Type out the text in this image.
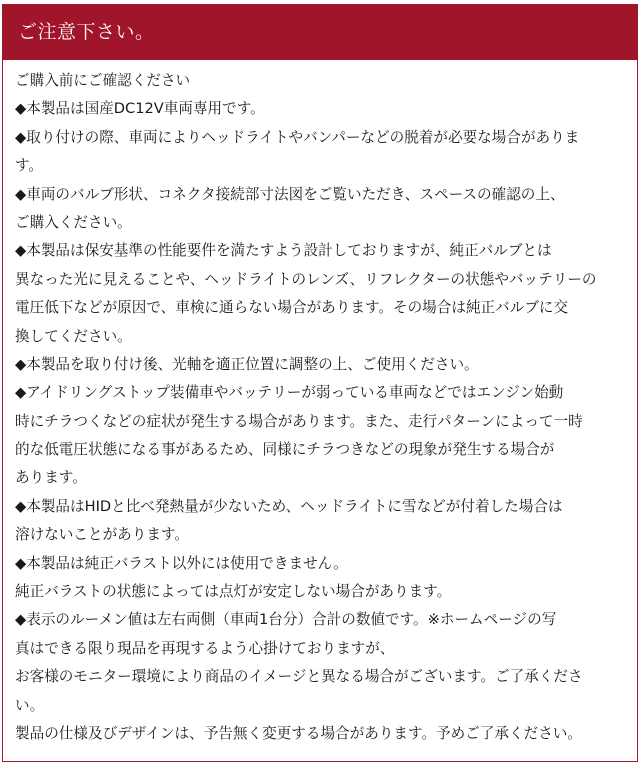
ご注意下さい。
ご購入前にご確認ください
◆本製品は国産DC12V車両専用です。
◆取り付けの際、車両によりヘッドライトやバンパーなどの脱着が必要な場合がありま
す。
◆車両のバルブ形状、コネクタ接続部寸法図をご覧いただき、スペースの確認の上、
ご購入ください。
◆本製品は保安基準の性能要件を満たすよう設計しておりますが、純正バルブとは
異なった光に見えることや、ヘッドライトのレンズ、リフレクターの状態やバッテリーの
電圧低下などが原因で、車検に通らない場合があります。その場合は純正バルブに交
換してください。
◆本製品を取り付け後、光軸を適正位置に調整の上、ご使用ください。
◆アイドリングストップ装備車やバッテリーが弱っている車両などではエンジン始動
時にチラつくなどの症状が発生する場合があります。また、走行パターンによって一時
的な低電圧状態になる事があるため、同様にチラつきなどの現象が発生する場合が
あります。
◆本製品はHIDと比べ発熱量が少ないため、ヘッドライトに雪などが付着した場合は
溶けないことがあります。
◆本製品は純正バラスト以外には使用できません。
純正バラストの状態によっては点灯が安定しない場合があります。
◆表示のルーメン値は左右両側（車両1台分）合計の数値です。※ホームページの写
真はできる限り現品を再現するよう心掛けておりますが、
お客様のモニター環境により商品のイメージと異なる場合がございます。ご了承くださ
い。
製品の仕様及びデザインは、予告無く変更する場合があります。予めご了承ください。
